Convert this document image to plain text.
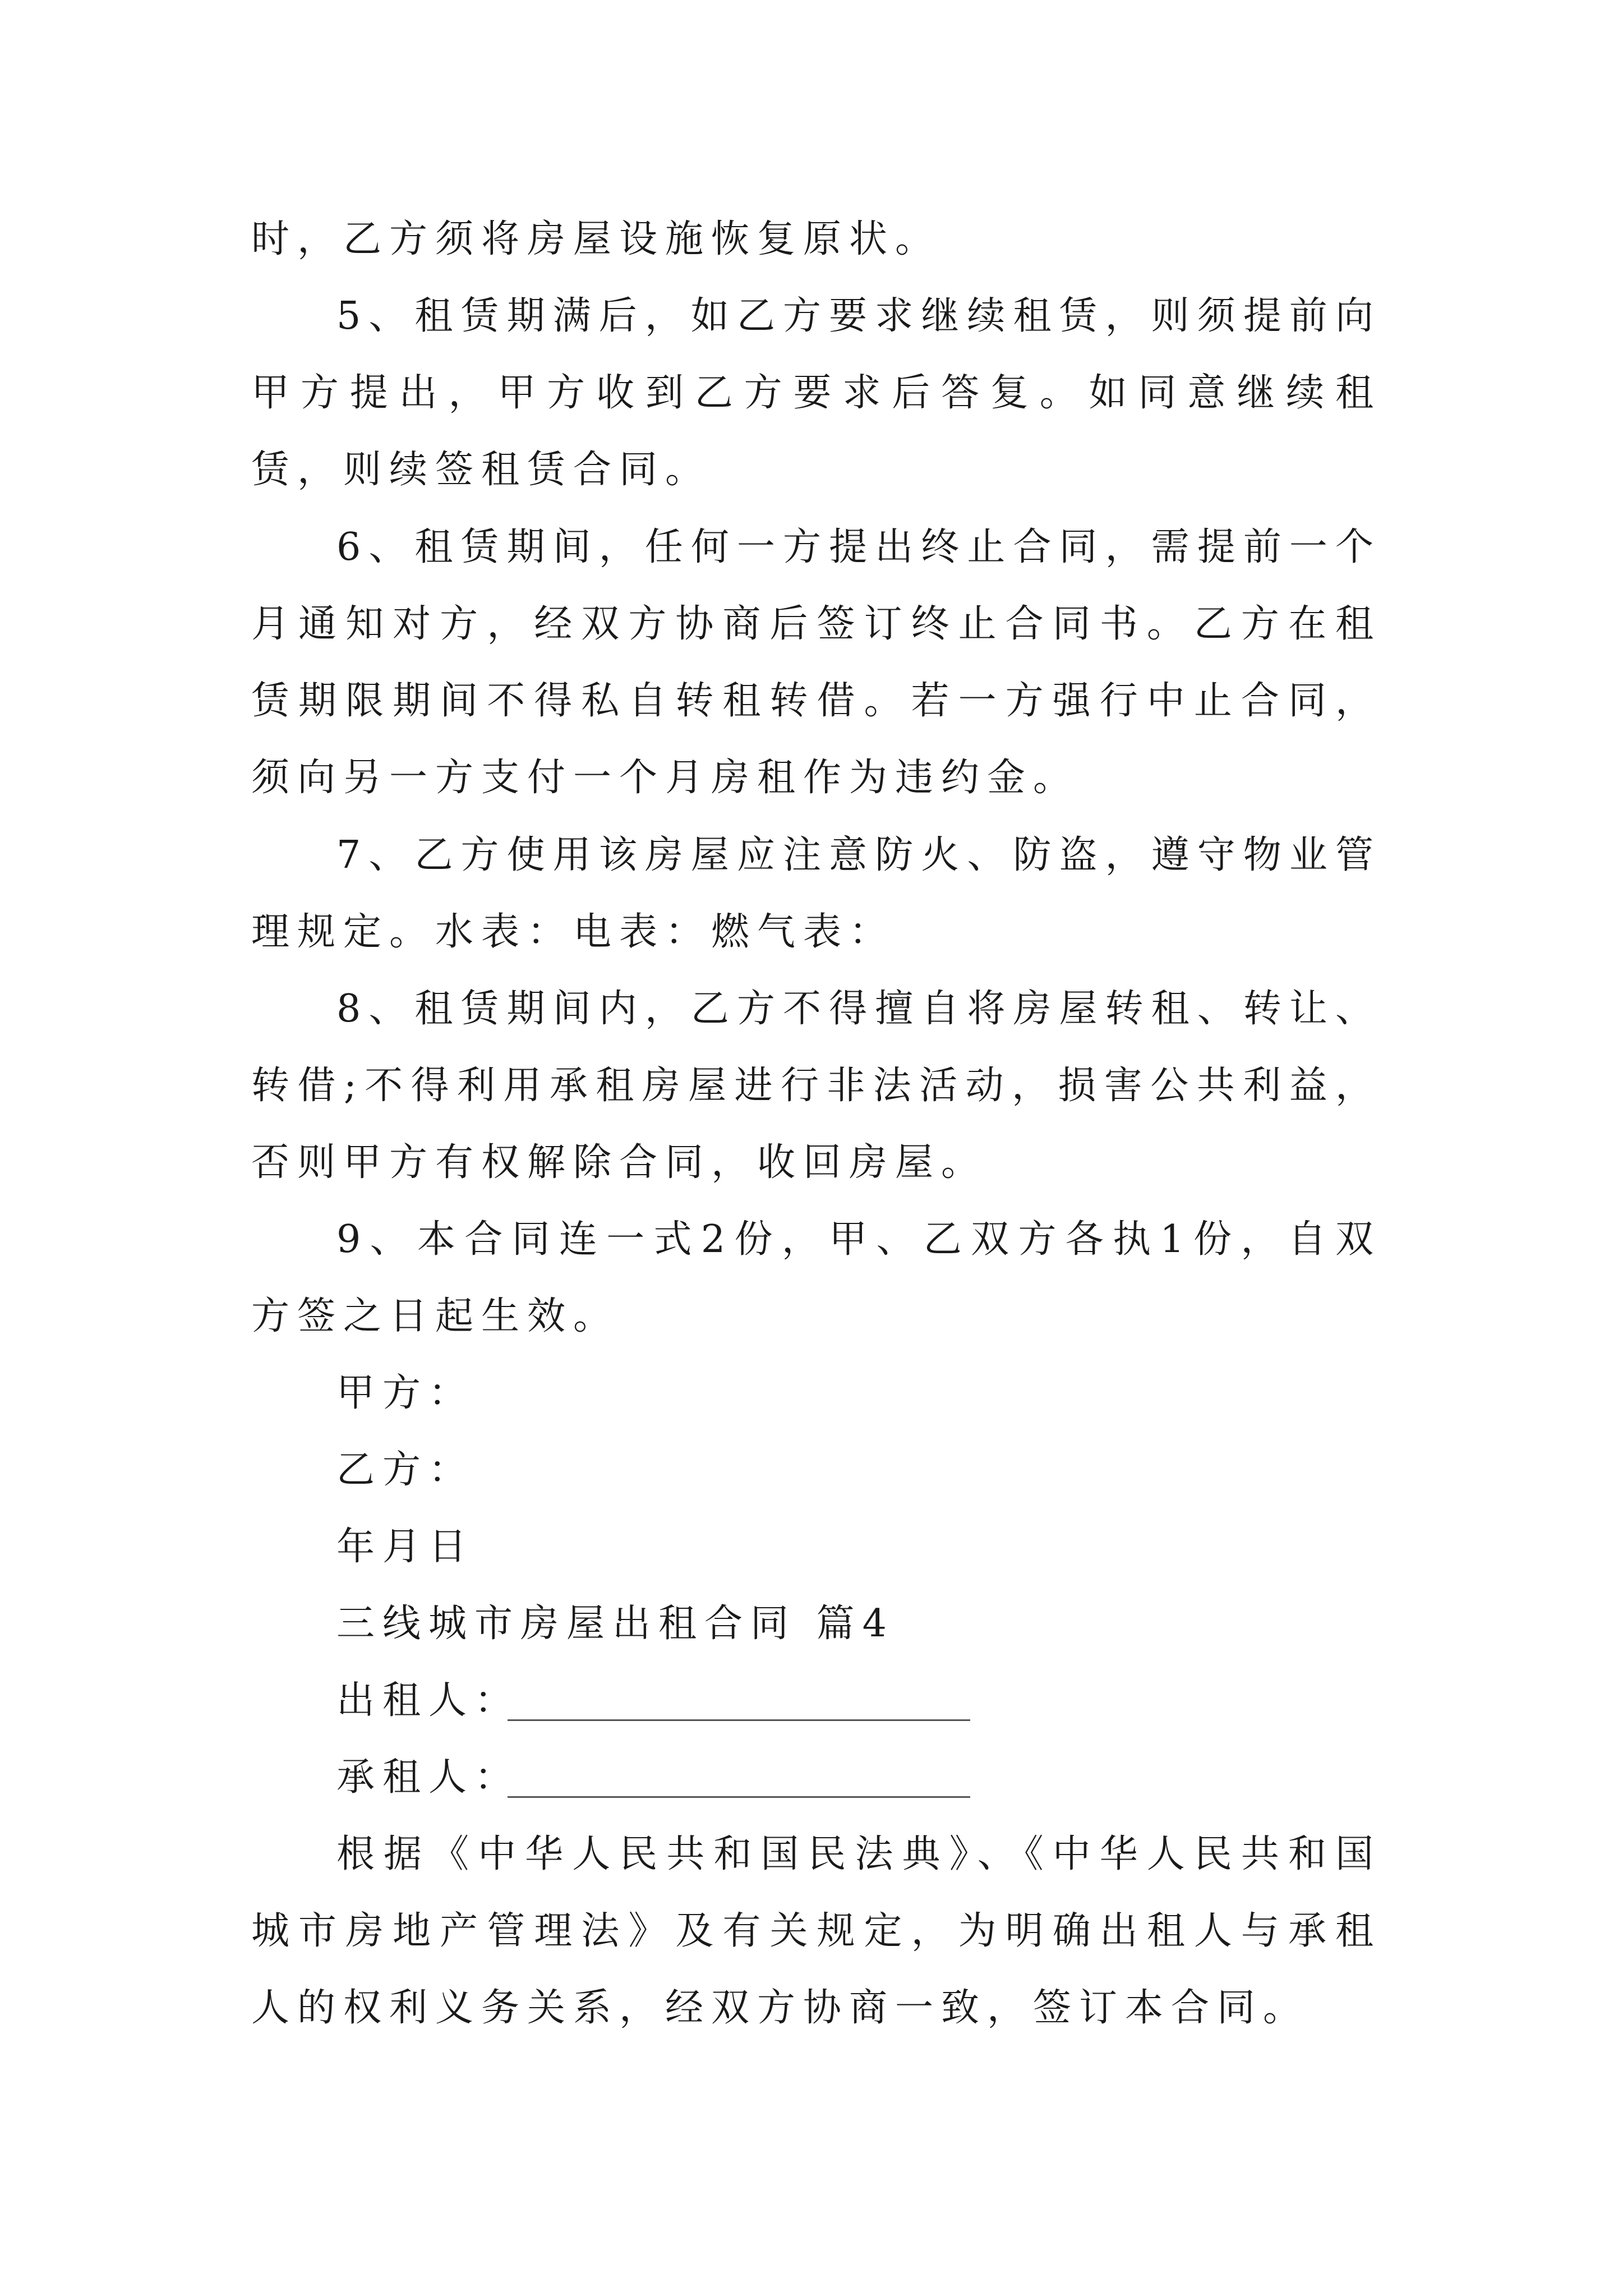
时，乙方须将房屋设施恢复原状。
5、租赁期满后，如乙方要求继续租赁，则须提前向甲方提出，甲方收到乙方要求后答复。如同意继续租赁，则续签租赁合同。
6、租赁期间，任何一方提出终止合同，需提前一个月通知对方，经双方协商后签订终止合同书。乙方在租赁期限期间不得私自转租转借。若一方强行中止合同，须向另一方支付一个月房租作为违约金。
7、乙方使用该房屋应注意防火、防盗，遵守物业管理规定。水表：电表：燃气表：
8、租赁期间内，乙方不得擅自将房屋转租、转让、转借;不得利用承租房屋进行非法活动，损害公共利益，否则甲方有权解除合同，收回房屋。
9、本合同连一式2份，甲、乙双方各执1份，自双方签之日起生效。
甲方：
乙方：
年月日
三线城市房屋出租合同 篇4
出租人：
承租人：
根据《中华人民共和国民法典》、《中华人民共和国城市房地产管理法》及有关规定，为明确出租人与承租人的权利义务关系，经双方协商一致，签订本合同。
